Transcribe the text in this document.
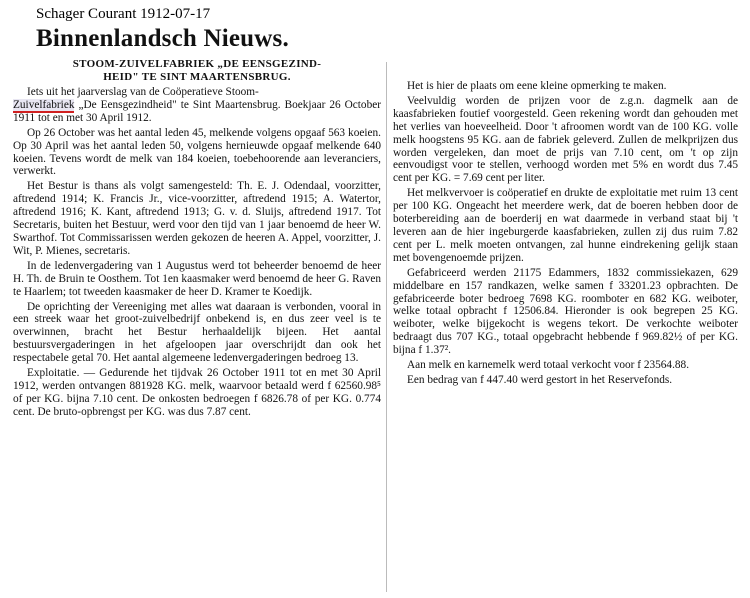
Schager Courant 1912-07-17
Binnenlandsch Nieuws.
STOOM-ZUIVELFABRIEK „DE EENSGEZIND-
HEID" TE SINT MAARTENSBRUG.

Iets uit het jaarverslag van de Coöperatieve Stoom-
Zuivelfabriek „De Eensgezindheid" te Sint Maartensbrug. Boekjaar 26 October 1911 tot en met 30 April 1912.

Op 26 October was het aantal leden 45, melkende volgens opgaaf 563 koeien. Op 30 April was het aantal leden 50, volgens hernieuwde opgaaf melkende 640 koeien. Tevens wordt de melk van 184 koeien, toebehoorende aan leveranciers, verwerkt.

Het Bestur is thans als volgt samengesteld: Th. E. J. Odendaal, voorzitter, aftredend 1914; K. Francis Jr., vice-voorzitter, aftredend 1915; A. Watertor, aftredend 1916; K. Kant, aftredend 1913; G. v. d. Sluijs, aftredend 1917. Tot Secretaris, buiten het Bestuur, werd voor den tijd van 1 jaar benoemd de heer W. Swarthof. Tot Commissarissen werden gekozen de heeren A. Appel, voorzitter, J. Wit, P. Mienes, secretaris.

In de ledenvergadering van 1 Augustus werd tot beheerder benoemd de heer H. Th. de Bruin te Oosthem. Tot 1en kaasmaker werd benoemd de heer G. Raven te Haarlem; tot tweeden kaasmaker de heer D. Kramer te Koedijk.

De oprichting der Vereeniging met alles wat daaraan is verbonden, vooral in een streek waar het groot-zuivelbedrijf onbekend is, en dus zeer veel is te overwinnen, bracht het Bestur herhaaldelijk bijeen. Het aantal bestuursvergaderingen in het afgeloopen jaar overschrijdt dan ook het respectabele getal 70. Het aantal algemeene ledenvergaderingen bedroeg 13.

Exploitatie. — Gedurende het tijdvak 26 October 1911 tot en met 30 April 1912, werden ontvangen 881928 KG. melk, waarvoor betaald werd f 62560.98⁵ of per KG. bijna 7.10 cent. De onkosten bedroegen f 6826.78 of per KG. 0.774 cent. De bruto-opbrengst per KG. was dus 7.87 cent.

Het is hier de plaats om eene kleine opmerking te maken.

Veelvuldig worden de prijzen voor de z.g.n. dagmelk aan de kaasfabrieken foutief voorgesteld. Geen rekening wordt dan gehouden met het verlies van hoeveelheid. Door 't afroomen wordt van de 100 KG. volle melk hoogstens 95 KG. aan de fabriek geleverd. Zullen de melkprijzen dus worden vergeleken, dan moet de prijs van 7.10 cent, om 't op zijn eenvoudigst voor te stellen, verhoogd worden met 5% en wordt dus 7.45 cent per KG. = 7.69 cent per liter.

Het melkvervoer is coöperatief en drukte de exploitatie met ruim 13 cent per 100 KG. Ongeacht het meerdere werk, dat de boeren hebben door de boterbereiding aan de boerderij en wat daarmede in verband staat bij 't leveren aan de hier ingeburgerde kaasfabrieken, zullen zij dus ruim 7.82 cent per L. melk moeten ontvangen, zal hunne eindrekening gelijk staan met bovengenoemde prijzen.

Gefabriceerd werden 21175 Edammers, 1832 commissiekazen, 629 middelbare en 157 randkazen, welke samen f 33201.23 opbrachten. De gefabriceerde boter bedroeg 7698 KG. roomboter en 682 KG. weiboter, welke totaal opbracht f 12506.84. Hieronder is ook begrepen 25 KG. weiboter, welke bijgekocht is wegens tekort. De verkochte weiboter bedraagt dus 707 KG., totaal opgebracht hebbende f 969.82½ of per KG. bijna f 1.37².

Aan melk en karnemelk werd totaal verkocht voor f 23564.88.

Een bedrag van f 447.40 werd gestort in het Reservefonds.
